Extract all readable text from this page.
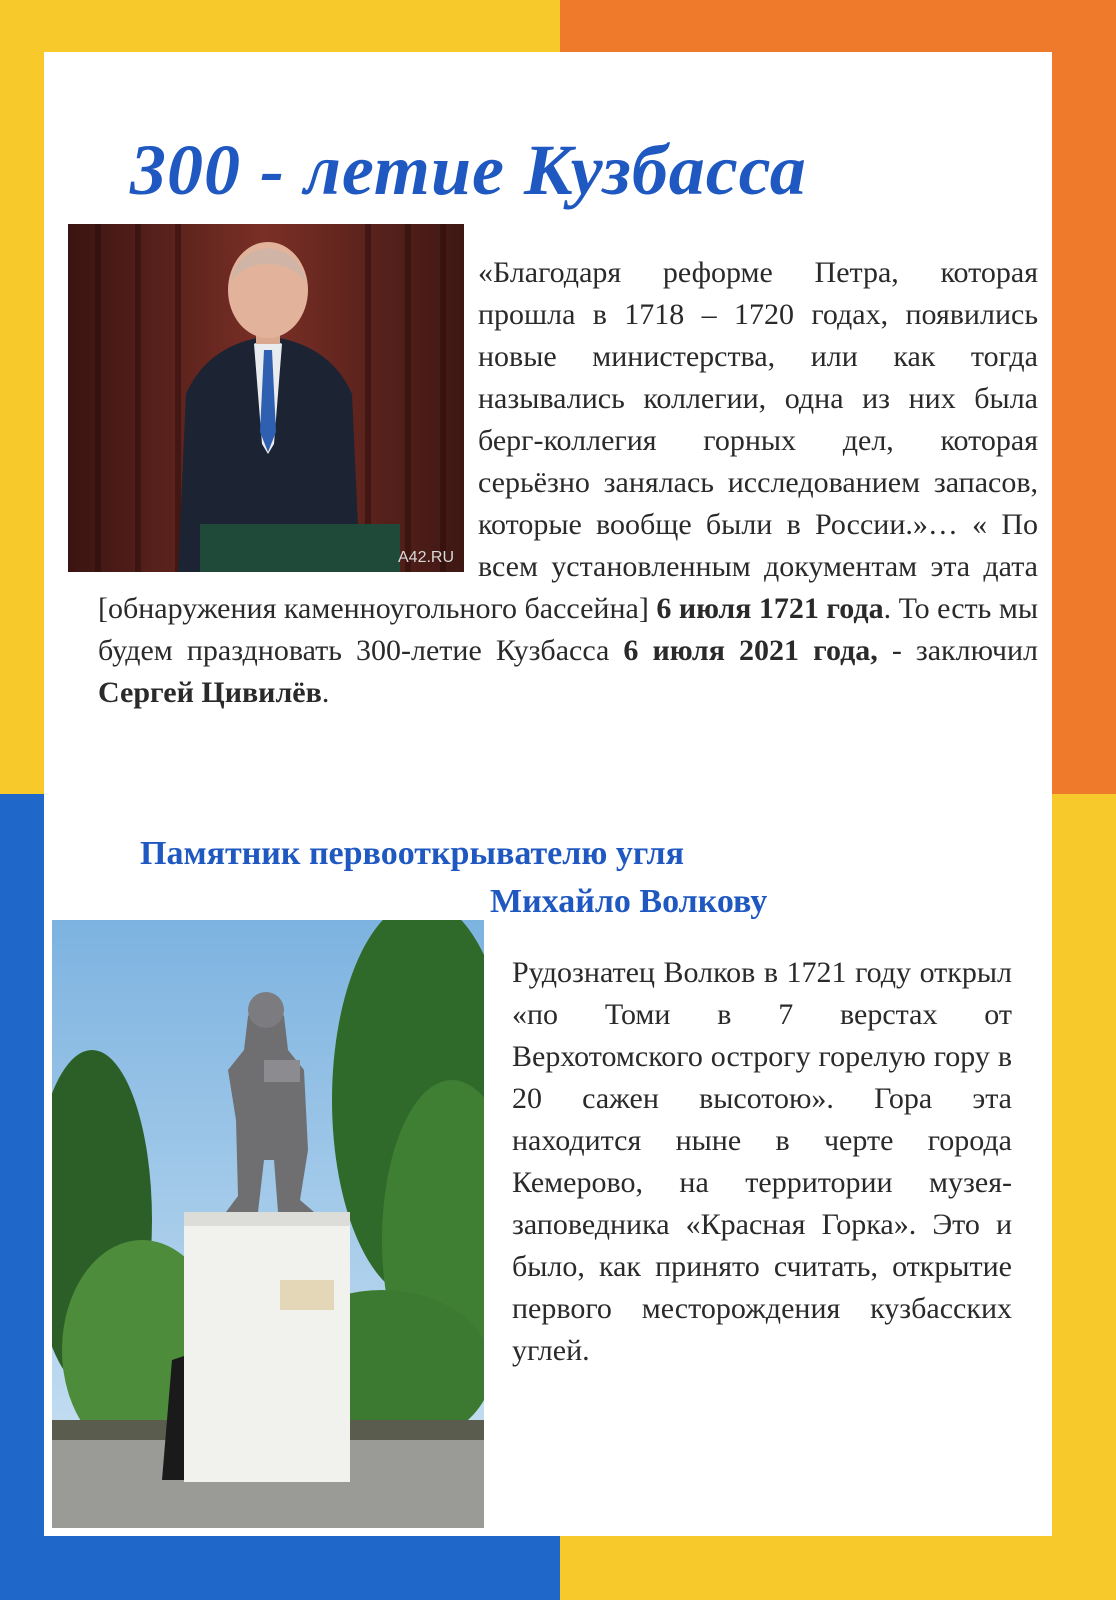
300 - летие Кузбасса
A42.RU

«Благодаря реформе Петра, которая прошла в 1718 – 1720 годах, появились новые министерства, или как тогда назывались коллегии, одна из них была берг-коллегия горных дел, которая серьёзно занялась исследованием запасов, которые вообще были в России.»… « По всем установленным документам эта дата [обнаружения каменноугольного бассейна] 6 июля 1721 года. То есть мы будем праздновать 300-летие Кузбасса 6 июля 2021 года, - заключил Сергей Цивилёв.

Памятник первооткрывателю угля
Михайло Волкову

Рудознатец Волков в 1721 году открыл «по Томи в 7 верстах от Верхотомского острогу горелую гору в 20 сажен высотою». Гора эта находится ныне в черте города Кемерово, на территории музея-заповедника «Красная Горка». Это и было, как принято считать, открытие первого месторождения кузбасских углей.
